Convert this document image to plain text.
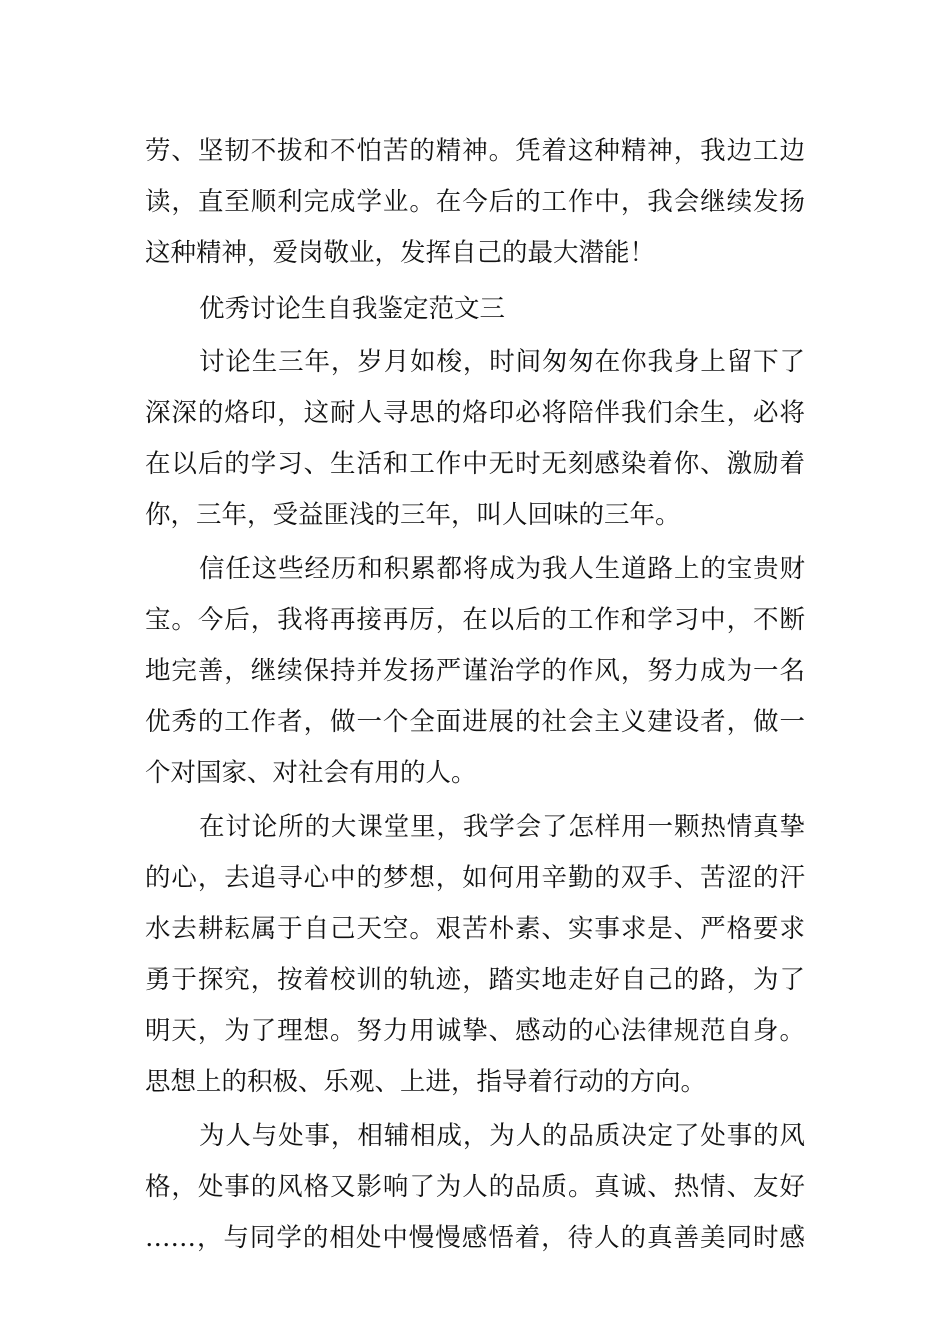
劳、坚韧不拔和不怕苦的精神。凭着这种精神，我边工边
读，直至顺利完成学业。在今后的工作中，我会继续发扬
这种精神，爱岗敬业，发挥自己的最大潜能！
优秀讨论生自我鉴定范文三
讨论生三年，岁月如梭，时间匆匆在你我身上留下了
深深的烙印，这耐人寻思的烙印必将陪伴我们余生，必将
在以后的学习、生活和工作中无时无刻感染着你、激励着
你，三年，受益匪浅的三年，叫人回味的三年。
信任这些经历和积累都将成为我人生道路上的宝贵财
宝。今后，我将再接再厉，在以后的工作和学习中，不断
地完善，继续保持并发扬严谨治学的作风，努力成为一名
优秀的工作者，做一个全面进展的社会主义建设者，做一
个对国家、对社会有用的人。
在讨论所的大课堂里，我学会了怎样用一颗热情真挚
的心，去追寻心中的梦想，如何用辛勤的双手、苦涩的汗
水去耕耘属于自己天空。艰苦朴素、实事求是、严格要求
勇于探究，按着校训的轨迹，踏实地走好自己的路，为了
明天，为了理想。努力用诚挚、感动的心法律规范自身。
思想上的积极、乐观、上进，指导着行动的方向。
为人与处事，相辅相成，为人的品质决定了处事的风
格，处事的风格又影响了为人的品质。真诚、热情、友好
……，与同学的相处中慢慢感悟着，待人的真善美同时感
